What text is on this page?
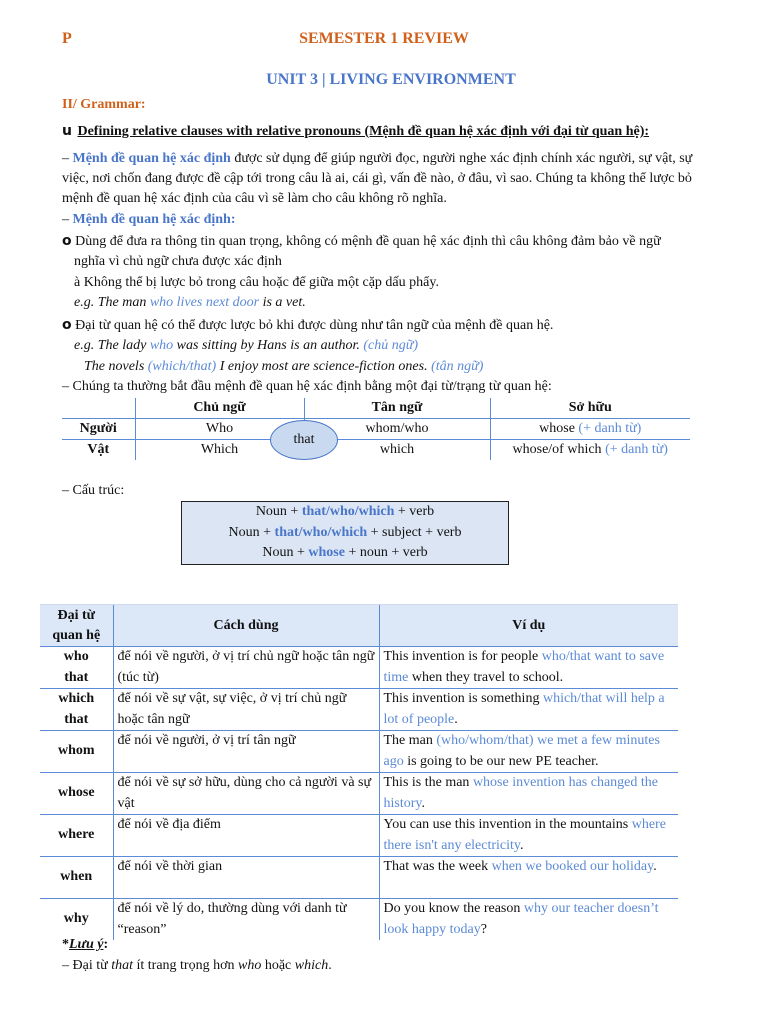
P	SEMESTER 1 REVIEW
UNIT 3 | LIVING ENVIRONMENT
II/ Grammar:
u Defining relative clauses with relative pronouns (Mệnh đề quan hệ xác định với đại từ quan hệ):
– Mệnh đề quan hệ xác định được sử dụng để giúp người đọc, người nghe xác định chính xác người, sự vật, sự
việc, nơi chốn đang được đề cập tới trong câu là ai, cái gì, vấn đề nào, ở đâu, vì sao. Chúng ta không thể lược bỏ
mệnh đề quan hệ xác định của câu vì sẽ làm cho câu không rõ nghĩa.
– Mệnh đề quan hệ xác định:
o Dùng để đưa ra thông tin quan trọng, không có mệnh đề quan hệ xác định thì câu không đảm bảo về ngữ
nghĩa vì chủ ngữ chưa được xác định
à Không thể bị lược bỏ trong câu hoặc để giữa một cặp dấu phẩy.
e.g. The man who lives next door is a vet.
o Đại từ quan hệ có thể được lược bỏ khi được dùng như tân ngữ của mệnh đề quan hệ.
e.g. The lady who was sitting by Hans is an author. (chủ ngữ)
The novels (which/that) I enjoy most are science-fiction ones. (tân ngữ)
– Chúng ta thường bắt đầu mệnh đề quan hệ xác định bằng một đại từ/trạng từ quan hệ:
	Chủ ngữ	Tân ngữ	Sở hữu
Người	Who	whom/who	whose (+ danh từ)
Vật	Which	which	whose/of which (+ danh từ)
that
– Cấu trúc:
Noun + that/who/which + verb
Noun + that/who/which + subject + verb
Noun + whose + noun + verb
Đại từ quan hệ	Cách dùng	Ví dụ
who that	để nói về người, ở vị trí chủ ngữ hoặc tân ngữ (túc từ)	This invention is for people who/that want to save time when they travel to school.
which that	để nói về sự vật, sự việc, ở vị trí chủ ngữ hoặc tân ngữ	This invention is something which/that will help a lot of people.
whom	để nói về người, ở vị trí tân ngữ	The man (who/whom/that) we met a few minutes ago is going to be our new PE teacher.
whose	để nói về sự sở hữu, dùng cho cả người và sự vật	This is the man whose invention has changed the history.
where	để nói về địa điểm	You can use this invention in the mountains where there isn't any electricity.
when	để nói về thời gian	That was the week when we booked our holiday.
why	để nói về lý do, thường dùng với danh từ “reason”	Do you know the reason why our teacher doesn’t look happy today?
*Lưu ý:
– Đại từ that ít trang trọng hơn who hoặc which.
